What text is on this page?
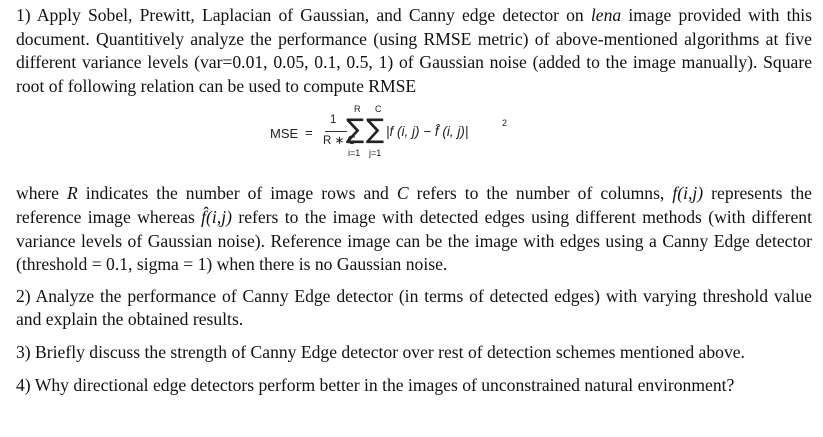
1) Apply Sobel, Prewitt, Laplacian of Gaussian, and Canny edge detector on lena image provided with this document. Quantitively analyze the performance (using RMSE metric) of above-mentioned algorithms at five different variance levels (var=0.01, 0.05, 0.1, 0.5, 1) of Gaussian noise (added to the image manually). Square root of following relation can be used to compute RMSE

MSE =
1
R ∗ C
R C
∑ ∑
i=1 j=1
|f (i, j) − f̂ (i, j)|
2

where R indicates the number of image rows and C refers to the number of columns, f(i,j) represents the reference image whereas f̂(i,j) refers to the image with detected edges using different methods (with different variance levels of Gaussian noise). Reference image can be the image with edges using a Canny Edge detector (threshold = 0.1, sigma = 1) when there is no Gaussian noise.

2) Analyze the performance of Canny Edge detector (in terms of detected edges) with varying threshold value and explain the obtained results.

3) Briefly discuss the strength of Canny Edge detector over rest of detection schemes mentioned above.

4) Why directional edge detectors perform better in the images of unconstrained natural environment?
